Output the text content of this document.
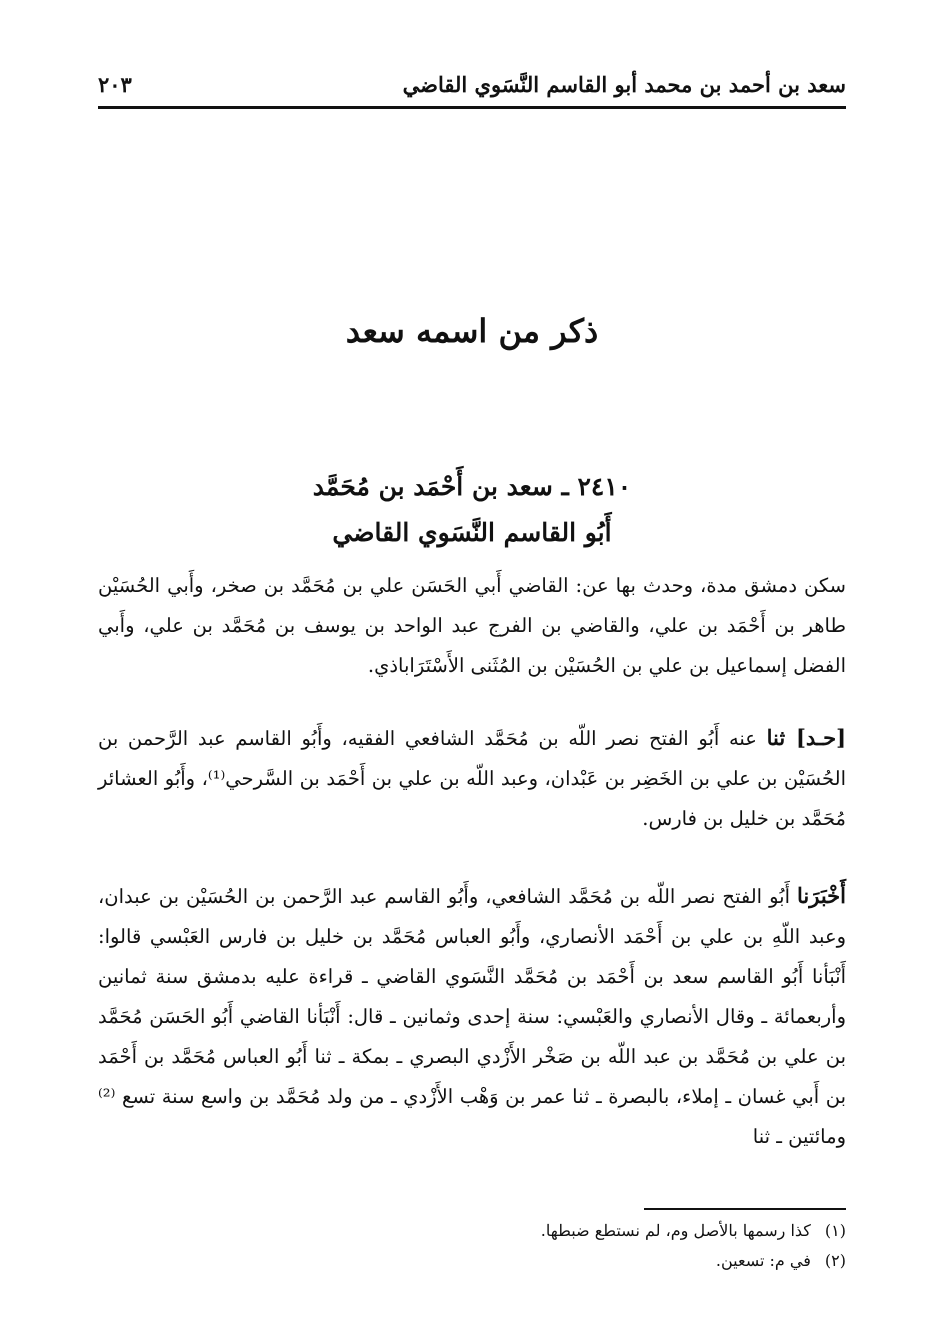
سعد بن أحمد بن محمد أبو القاسم النَّسَوي القاضي
٢٠٣
ذكر من اسمه سعد
٢٤١٠ ـ سعد بن أَحْمَد بن مُحَمَّد
أَبُو القاسم النَّسَوي القاضي

سكن دمشق مدة، وحدث بها عن: القاضي أَبي الحَسَن علي بن مُحَمَّد بن صخر، وأَبي الحُسَيْن طاهر بن أَحْمَد بن علي، والقاضي بن الفرج عبد الواحد بن يوسف بن مُحَمَّد بن علي، وأَبي الفضل إسماعيل بن علي بن الحُسَيْن بن المُثَنى الأَسْتَرَاباذي.

[حـد] ثنا عنه أَبُو الفتح نصر اللّه بن مُحَمَّد الشافعي الفقيه، وأَبُو القاسم عبد الرَّحمن بن الحُسَيْن بن علي بن الخَضِر بن عَبْدان، وعبد اللّه بن علي بن أَحْمَد بن السَّرحي⁽¹⁾، وأَبُو العشائر مُحَمَّد بن خليل بن فارس.

أَخْبَرَنا أَبُو الفتح نصر اللّه بن مُحَمَّد الشافعي، وأَبُو القاسم عبد الرَّحمن بن الحُسَيْن بن عبدان، وعبد اللّهِ بن علي بن أَحْمَد الأنصاري، وأَبُو العباس مُحَمَّد بن خليل بن فارس العَبْسي قالوا: أَنْبَأنا أَبُو القاسم سعد بن أَحْمَد بن مُحَمَّد النَّسَوي القاضي ـ قراءة عليه بدمشق سنة ثمانين وأربعمائة ـ وقال الأنصاري والعَبْسي: سنة إحدى وثمانين ـ قال: أَنْبَأنا القاضي أَبُو الحَسَن مُحَمَّد بن علي بن مُحَمَّد بن عبد اللّه بن صَخْر الأَزْدي البصري ـ بمكة ـ ثنا أَبُو العباس مُحَمَّد بن أَحْمَد بن أَبي غسان ـ إملاء، بالبصرة ـ ثنا عمر بن وَهْب الأَزْدي ـ من ولد مُحَمَّد بن واسع سنة تسع ⁽²⁾ ومائتين ـ ثنا

(١)كذا رسمها بالأصل وم، لم نستطع ضبطها.
(٢)في م: تسعين.
